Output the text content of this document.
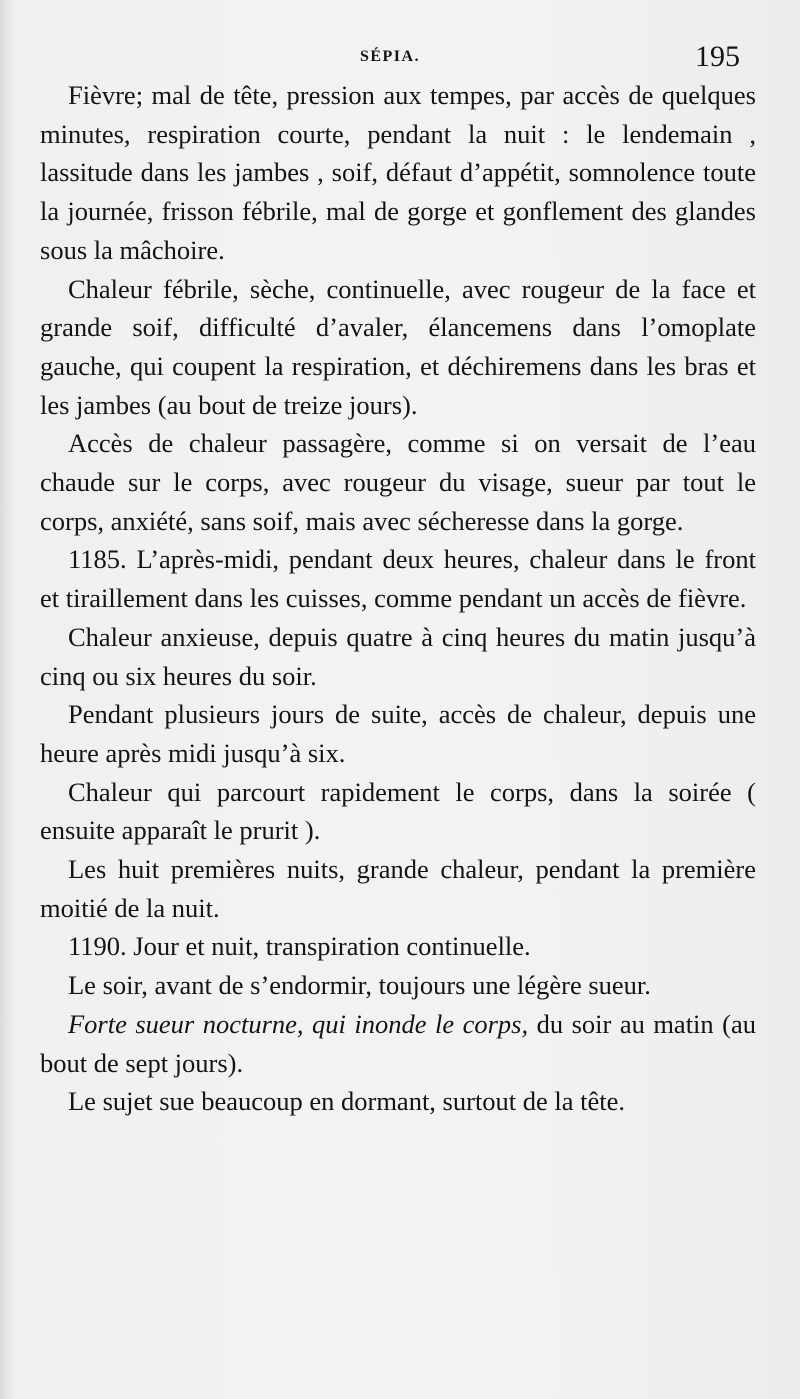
SÉPIA.	195

Fièvre; mal de tête, pression aux tempes, par accès de quelques minutes, respiration courte, pendant la nuit : le lendemain , lassitude dans les jambes , soif, défaut d’appétit, somnolence toute la journée, frisson fébrile, mal de gorge et gonflement des glandes sous la mâchoire.

Chaleur fébrile, sèche, continuelle, avec rougeur de la face et grande soif, difficulté d’avaler, élancemens dans l’omoplate gauche, qui coupent la respiration, et déchiremens dans les bras et les jambes (au bout de treize jours).

Accès de chaleur passagère, comme si on versait de l’eau chaude sur le corps, avec rougeur du visage, sueur par tout le corps, anxiété, sans soif, mais avec sécheresse dans la gorge.

1185. L’après-midi, pendant deux heures, chaleur dans le front et tiraillement dans les cuisses, comme pendant un accès de fièvre.

Chaleur anxieuse, depuis quatre à cinq heures du matin jusqu’à cinq ou six heures du soir.

Pendant plusieurs jours de suite, accès de chaleur, depuis une heure après midi jusqu’à six.

Chaleur qui parcourt rapidement le corps, dans la soirée ( ensuite apparaît le prurit ).

Les huit premières nuits, grande chaleur, pendant la première moitié de la nuit.

1190. Jour et nuit, transpiration continuelle.

Le soir, avant de s’endormir, toujours une légère sueur.

Forte sueur nocturne, qui inonde le corps, du soir au matin (au bout de sept jours).

Le sujet sue beaucoup en dormant, surtout de la tête.
